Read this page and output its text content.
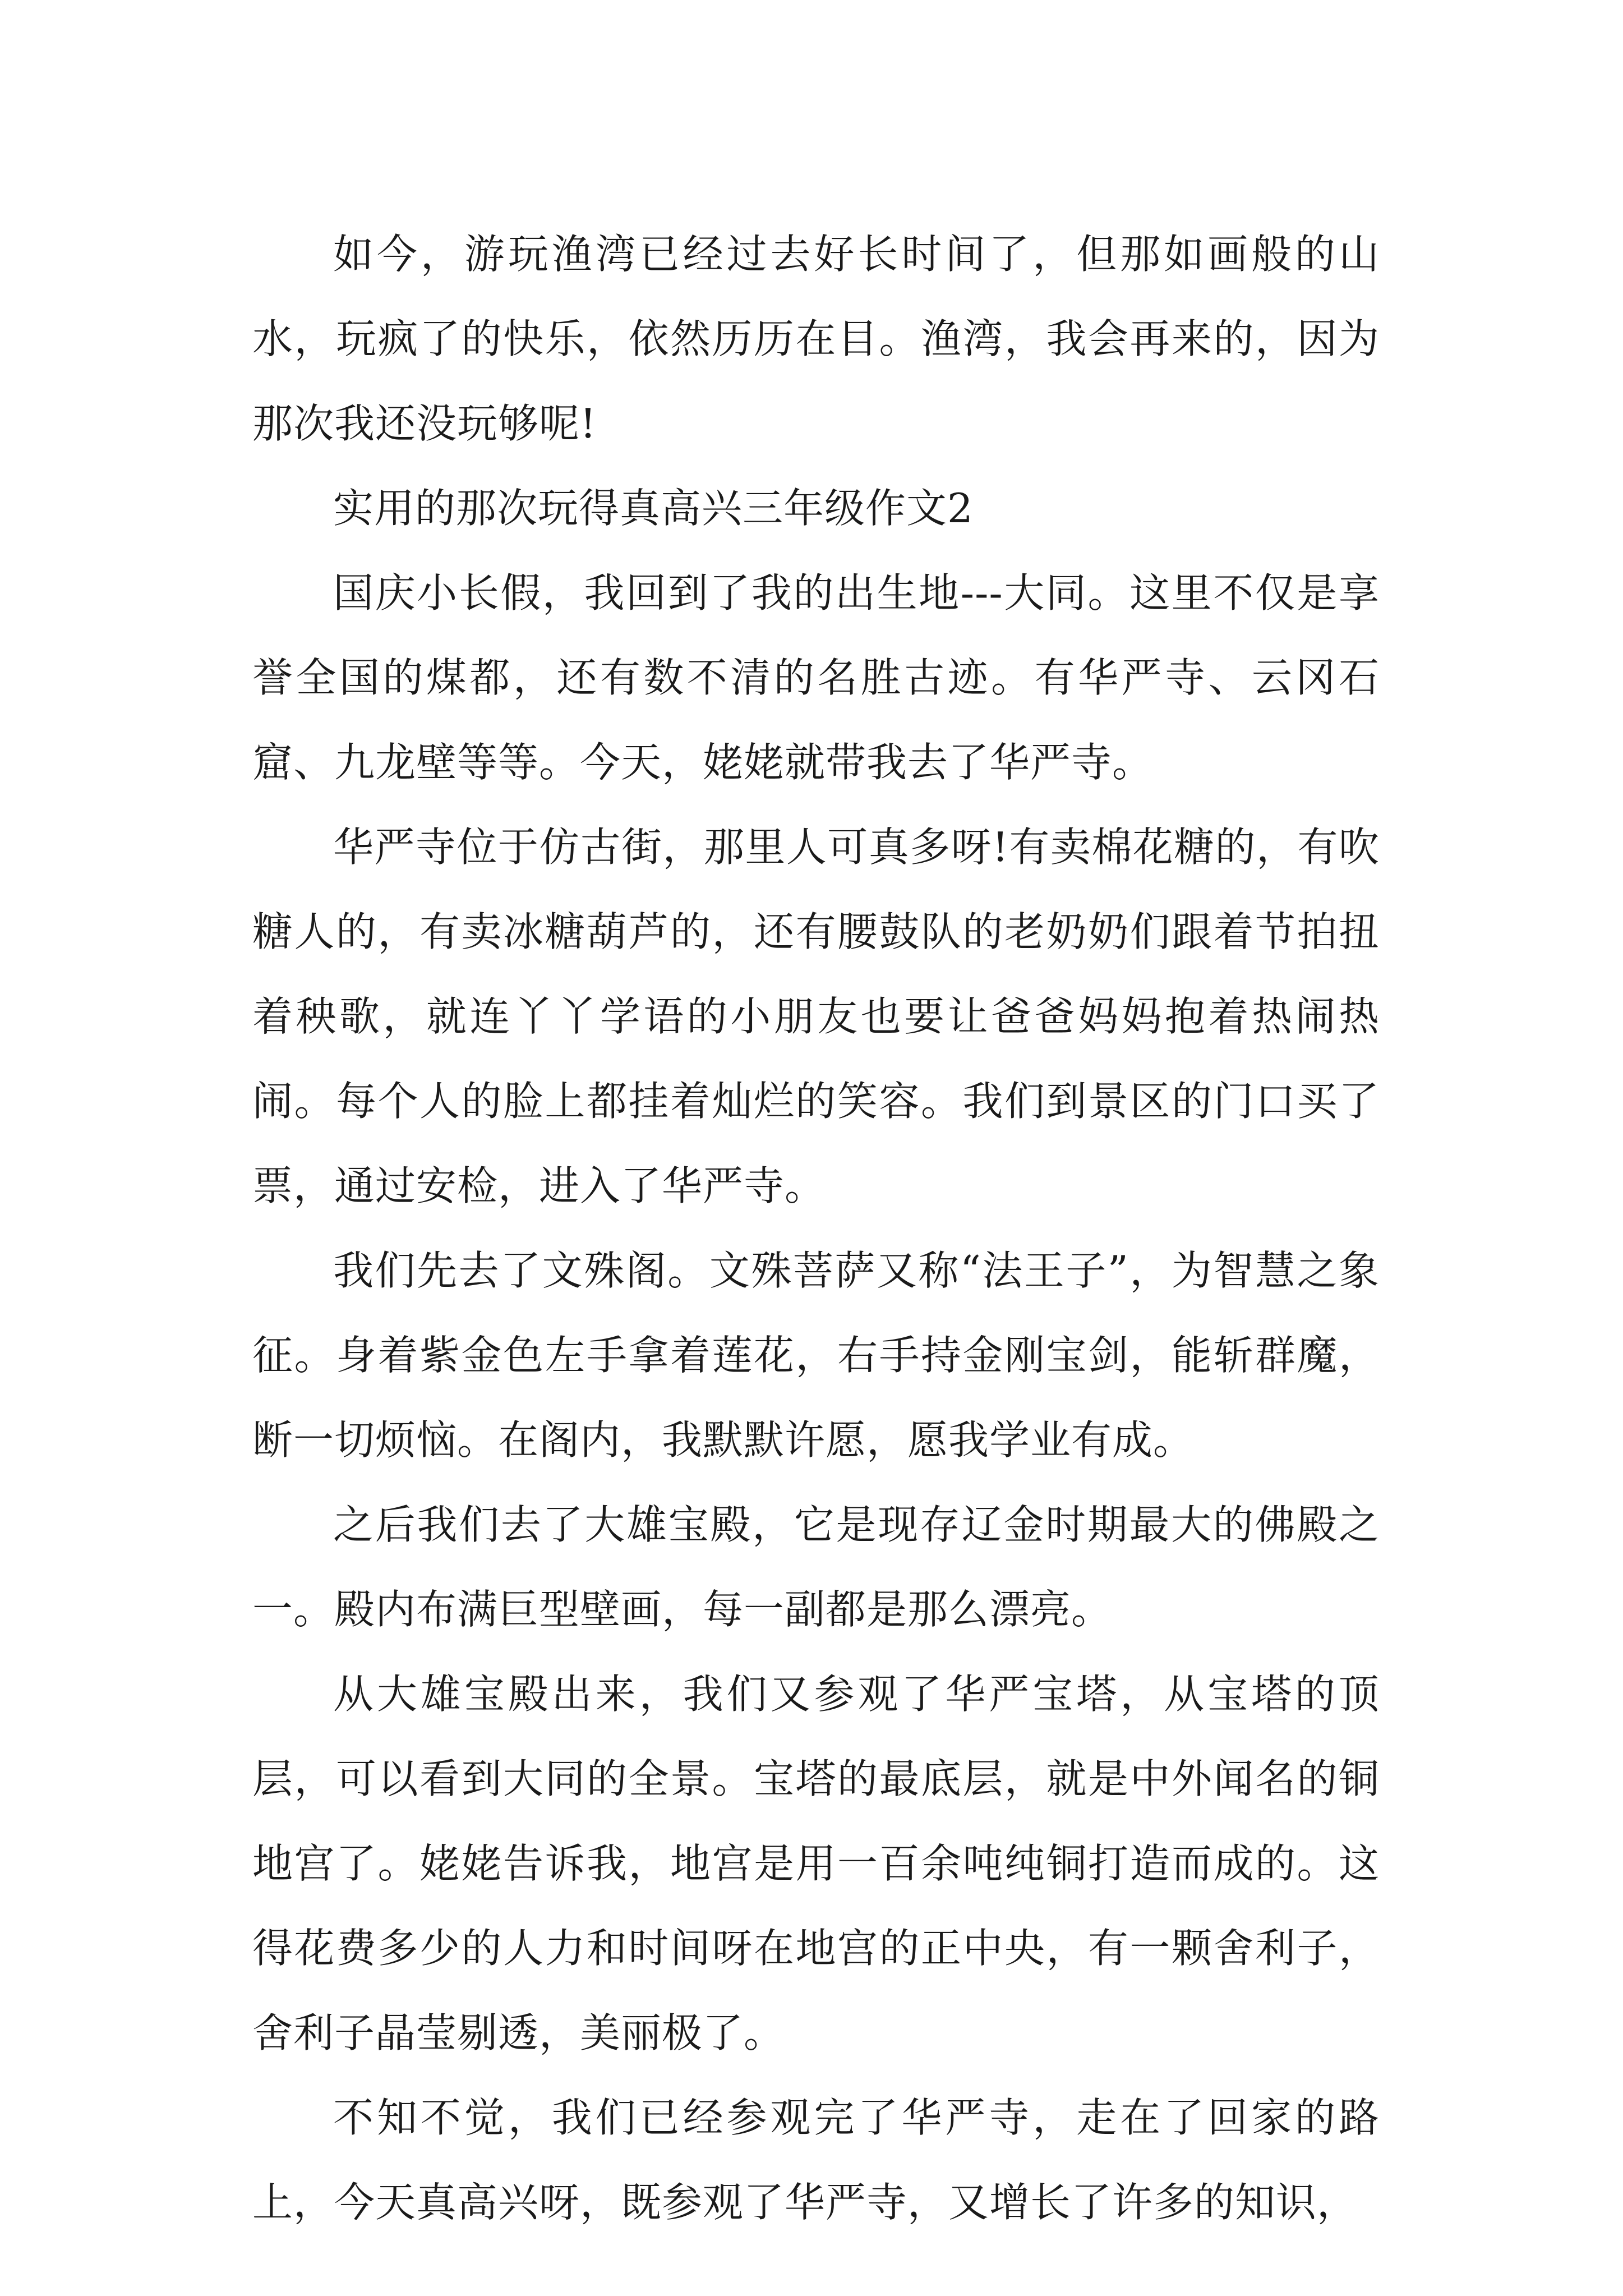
如今，游玩渔湾已经过去好长时间了，但那如画般的山水，玩疯了的快乐，依然历历在目。渔湾，我会再来的，因为那次我还没玩够呢!

实用的那次玩得真高兴三年级作文2

国庆小长假，我回到了我的出生地---大同。这里不仅是享誉全国的煤都，还有数不清的名胜古迹。有华严寺、云冈石窟、九龙壁等等。今天，姥姥就带我去了华严寺。

华严寺位于仿古街，那里人可真多呀!有卖棉花糖的，有吹糖人的，有卖冰糖葫芦的，还有腰鼓队的老奶奶们跟着节拍扭着秧歌，就连丫丫学语的小朋友也要让爸爸妈妈抱着热闹热闹。每个人的脸上都挂着灿烂的笑容。我们到景区的门口买了票，通过安检，进入了华严寺。

我们先去了文殊阁。文殊菩萨又称“法王子”，为智慧之象征。身着紫金色左手拿着莲花，右手持金刚宝剑，能斩群魔，断一切烦恼。在阁内，我默默许愿，愿我学业有成。

之后我们去了大雄宝殿，它是现存辽金时期最大的佛殿之一。殿内布满巨型壁画，每一副都是那么漂亮。

从大雄宝殿出来，我们又参观了华严宝塔，从宝塔的顶层，可以看到大同的全景。宝塔的最底层，就是中外闻名的铜地宫了。姥姥告诉我，地宫是用一百余吨纯铜打造而成的。这得花费多少的人力和时间呀在地宫的正中央，有一颗舍利子，舍利子晶莹剔透，美丽极了。

不知不觉，我们已经参观完了华严寺，走在了回家的路上，今天真高兴呀，既参观了华严寺，又增长了许多的知识，
